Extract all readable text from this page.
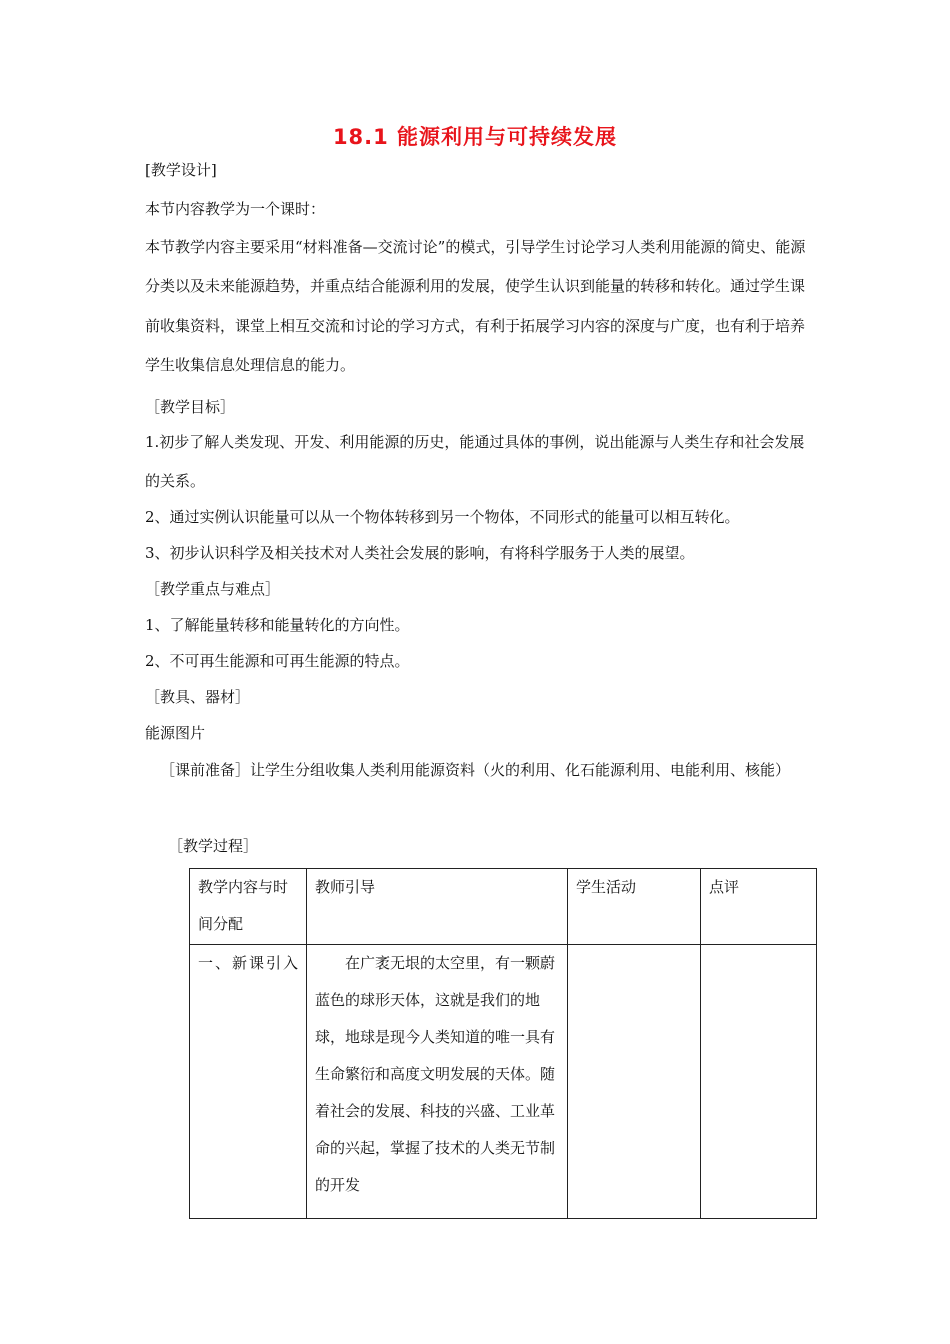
18.1 能源利用与可持续发展
[教学设计]
本节内容教学为一个课时：
本节教学内容主要采用“材料准备—交流讨论”的模式，引导学生讨论学习人类利用能源的简史、能源分类以及未来能源趋势，并重点结合能源利用的发展，使学生认识到能量的转移和转化。通过学生课前收集资料，课堂上相互交流和讨论的学习方式，有利于拓展学习内容的深度与广度，也有利于培养学生收集信息处理信息的能力。
［教学目标］
1.初步了解人类发现、开发、利用能源的历史，能通过具体的事例，说出能源与人类生存和社会发展的关系。
2、通过实例认识能量可以从一个物体转移到另一个物体，不同形式的能量可以相互转化。
3、初步认识科学及相关技术对人类社会发展的影响，有将科学服务于人类的展望。
［教学重点与难点］
1、了解能量转移和能量转化的方向性。
2、不可再生能源和可再生能源的特点。
［教具、器材］
能源图片
［课前准备］让学生分组收集人类利用能源资料（火的利用、化石能源利用、电能利用、核能）
［教学过程］
教学内容与时间分配	教师引导	学生活动	点评

一、新课引入	在广袤无垠的太空里，有一颗蔚蓝色的球形天体，这就是我们的地球，地球是现今人类知道的唯一具有生命繁衍和高度文明发展的天体。随着社会的发展、科技的兴盛、工业革命的兴起，掌握了技术的人类无节制的开发		
